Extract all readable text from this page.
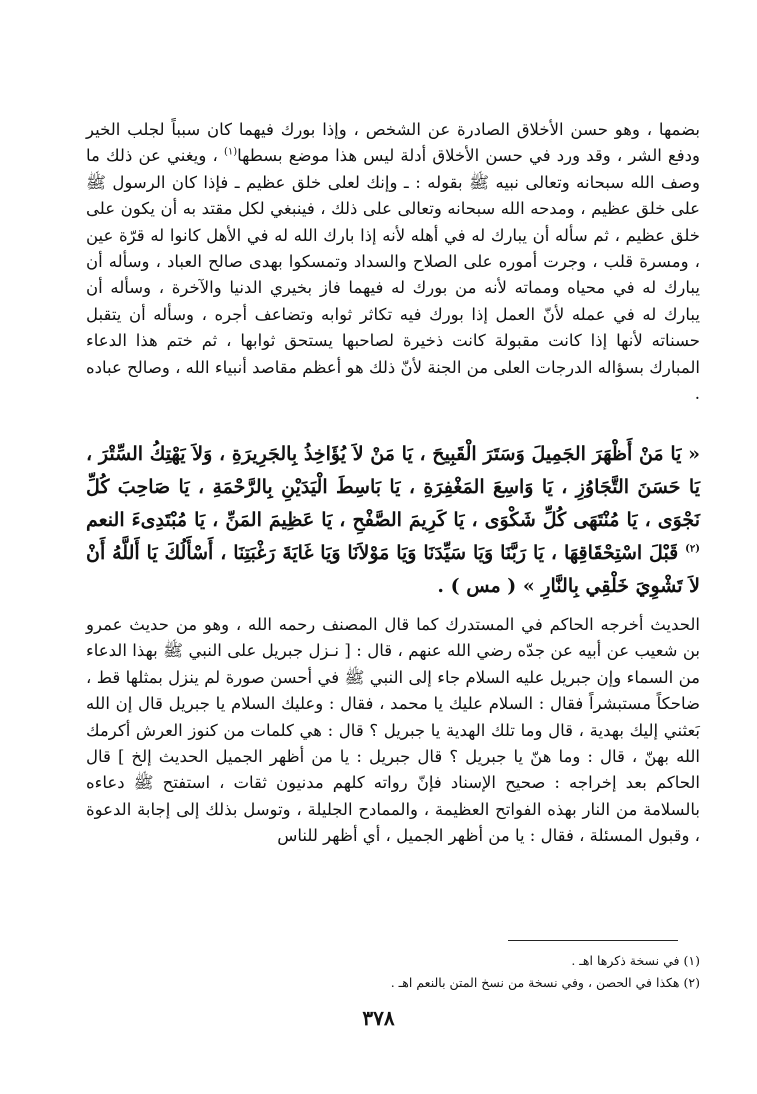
بضمها ، وهو حسن الأخلاق الصادرة عن الشخص ، وإذا بورك فيهما كان سبباً لجلب الخير ودفع الشر ، وقد ورد في حسن الأخلاق أدلة ليس هذا موضع بسطها$^{(١)}$ ، ويغني عن ذلك ما وصف الله سبحانه وتعالى نبيه ﷺ بقوله : ـ وإنك لعلى خلق عظيم ـ فإذا كان الرسول ﷺ على خلق عظيم ، ومدحه الله سبحانه وتعالى على ذلك ، فينبغي لكل مقتد به أن يكون على خلق عظيم ، ثم سأله أن يبارك له في أهله لأنه إذا بارك الله له في الأهل كانوا له قرّة عين ، ومسرة قلب ، وجرت أموره على الصلاح والسداد وتمسكوا بهدى صالح العباد ، وسأله أن يبارك له في محياه ومماته لأنه من بورك له فيهما فاز بخيري الدنيا والآخرة ، وسأله أن يبارك له في عمله لأنّ العمل إذا بورك فيه تكاثر ثوابه وتضاعف أجره ، وسأله أن يتقبل حسناته لأنها إذا كانت مقبولة كانت ذخيرة لصاحبها يستحق ثوابها ، ثم ختم هذا الدعاء المبارك بسؤاله الدرجات العلى من الجنة لأنّ ذلك هو أعظم مقاصد أنبياء الله ، وصالح عباده .

« يَا مَنْ أَظْهَرَ الجَمِيلَ وَسَتَرَ الْقَبِيحَ ، يَا مَنْ لاَ يُؤَاخِذُ بِالجَرِيرَةِ ، وَلاَ يَهْتِكُ السِّتْرَ ، يَا حَسَنَ التَّجَاوُزِ ، يَا وَاسِعَ المَغْفِرَةِ ، يَا بَاسِطَ الْيَدَيْنِ بِالرَّحْمَةِ ، يَا صَاحِبَ كُلِّ نَجْوَى ، يَا مُنْتَهَى كُلِّ شَكْوَى ، يَا كَرِيمَ الصَّفْحِ ، يَا عَظِيمَ المَنِّ ، يَا مُبْتَدِىءَ النعم $^{(٢)}$ قَبْلَ اسْتِحْقَاقِهَا ، يَا رَبَّنَا وَيَا سَيِّدَنَا وَيَا مَوْلاَنَا وَيَا غَايَةَ رَغْبَتِنَا ، أَسْأَلُكَ يَا أَللَّهُ أَنْ لاَ تَشْوِيَ خَلْقِي بِالنَّارِ » ( مس ) .

الحديث أخرجه الحاكم في المستدرك كما قال المصنف رحمه الله ، وهو من حديث عمرو بن شعيب عن أبيه عن جدّه رضي الله عنهم ، قال : [ نـزل جبريل على النبي ﷺ بهذا الدعاء من السماء وإن جبريل عليه السلام جاء إلى النبي ﷺ في أحسن صورة لم ينزل بمثلها قط ، ضاحكاً مستبشراً فقال : السلام عليك يا محمد ، فقال : وعليك السلام يا جبريل قال إن الله بَعثني إليك بهدية ، قال وما تلك الهدية يا جبريل ؟ قال : هي كلمات من كنوز العرش أكرمك الله بهنّ ، قال : وما هنّ يا جبريل ؟ قال جبريل : يا من أظهر الجميل الحديث إلخ ] قال الحاكم بعد إخراجه : صحيح الإسناد فإنّ رواته كلهم مدنيون ثقات ، استفتح ﷺ دعاءه بالسلامة من النار بهذه الفواتح العظيمة ، والممادح الجليلة ، وتوسل بذلك إلى إجابة الدعوة ، وقبول المسئلة ، فقال : يا من أظهر الجميل ، أي أظهر للناس

(١) في نسخة ذكرها اهـ .
(٢) هكذا في الحصن ، وفي نسخة من نسخ المتن بالنعم اهـ .
٣٧٨
